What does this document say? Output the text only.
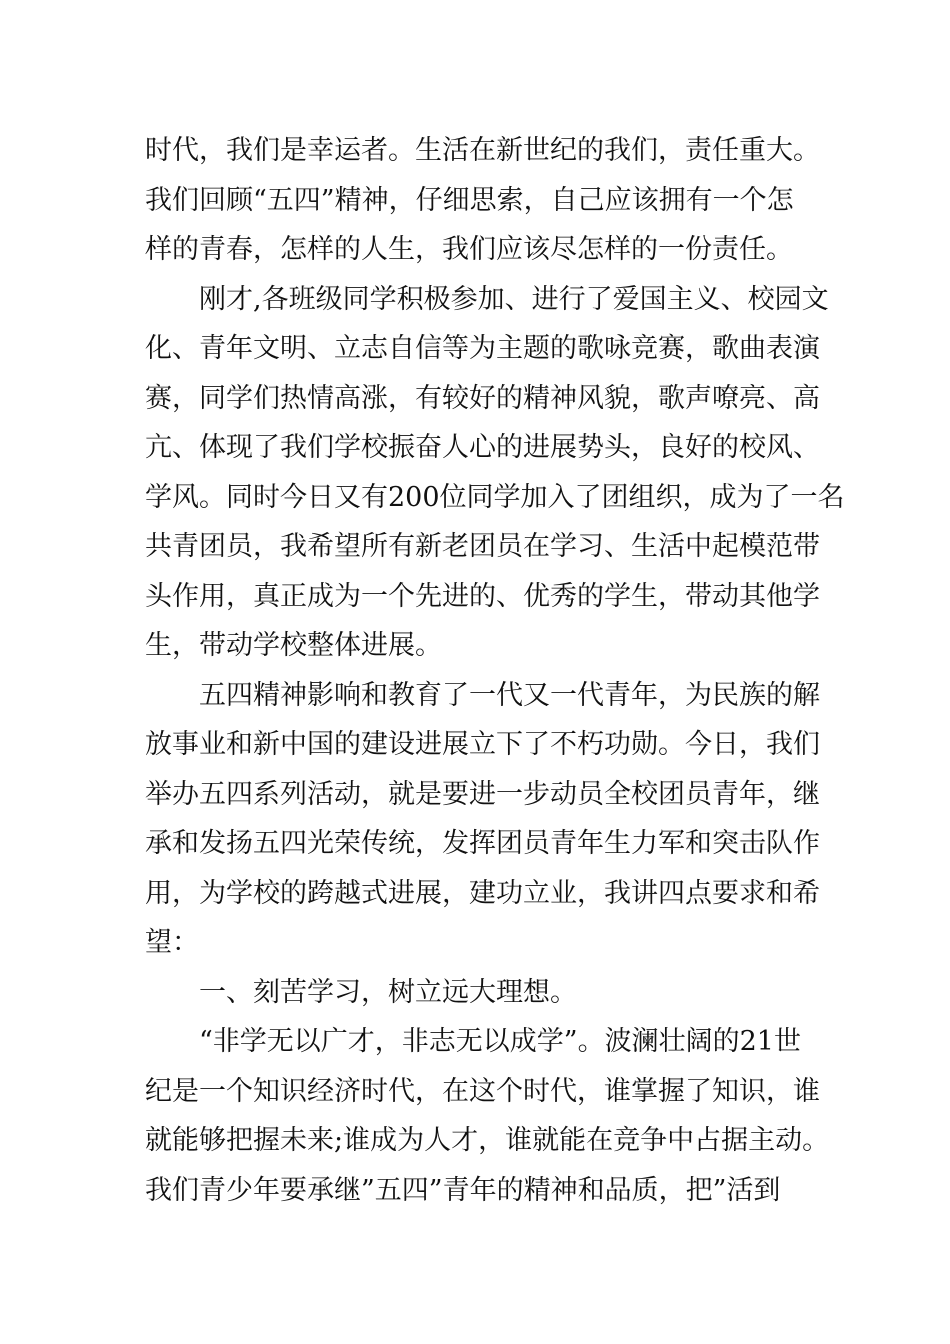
时代，我们是幸运者。生活在新世纪的我们，责任重大。
我们回顾“五四”精神，仔细思索，自己应该拥有一个怎
样的青春，怎样的人生，我们应该尽怎样的一份责任。
刚才,各班级同学积极参加、进行了爱国主义、校园文
化、青年文明、立志自信等为主题的歌咏竞赛，歌曲表演
赛，同学们热情高涨，有较好的精神风貌，歌声嘹亮、高
亢、体现了我们学校振奋人心的进展势头，良好的校风、
学风。同时今日又有200位同学加入了团组织，成为了一名
共青团员，我希望所有新老团员在学习、生活中起模范带
头作用，真正成为一个先进的、优秀的学生，带动其他学
生，带动学校整体进展。
五四精神影响和教育了一代又一代青年，为民族的解
放事业和新中国的建设进展立下了不朽功勋。今日，我们
举办五四系列活动，就是要进一步动员全校团员青年，继
承和发扬五四光荣传统，发挥团员青年生力军和突击队作
用，为学校的跨越式进展，建功立业，我讲四点要求和希
望：
一、刻苦学习，树立远大理想。
“非学无以广才，非志无以成学”。波澜壮阔的21世
纪是一个知识经济时代，在这个时代，谁掌握了知识，谁
就能够把握未来;谁成为人才，谁就能在竞争中占据主动。
我们青少年要承继”五四”青年的精神和品质，把”活到
